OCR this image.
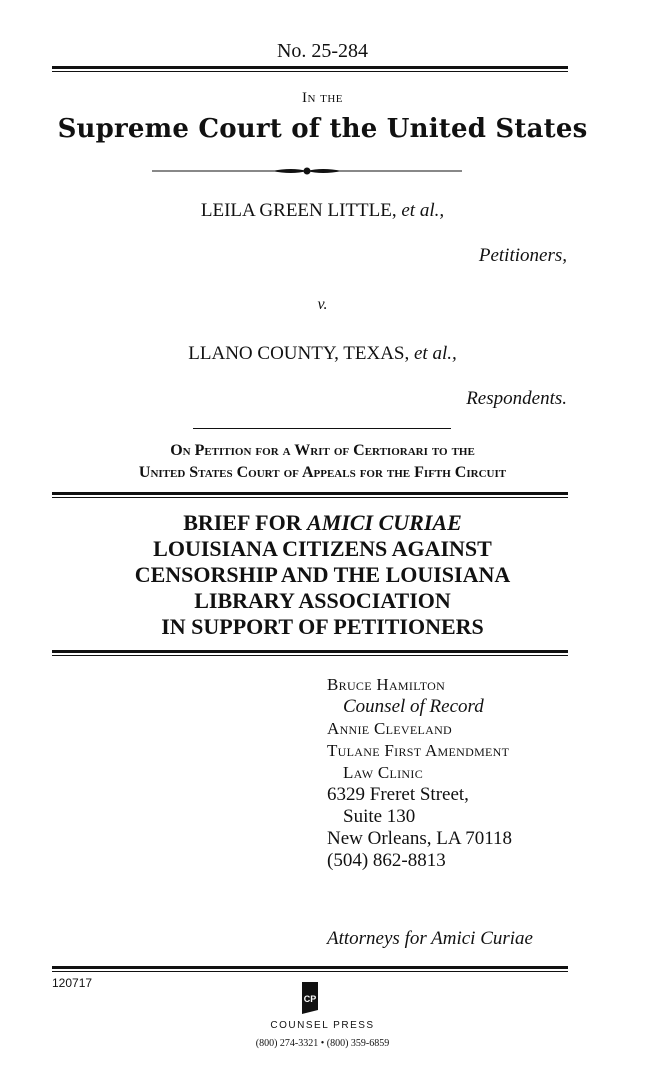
No. 25-284
In the
Supreme Court of the United States
LEILA GREEN LITTLE, et al.,
Petitioners,
v.
LLANO COUNTY, TEXAS, et al.,
Respondents.
On Petition for a Writ of Certiorari to the
United States Court of Appeals for the Fifth Circuit
BRIEF FOR AMICI CURIAE
LOUISIANA CITIZENS AGAINST
CENSORSHIP AND THE LOUISIANA
LIBRARY ASSOCIATION
IN SUPPORT OF PETITIONERS
Bruce Hamilton
Counsel of Record
Annie Cleveland
Tulane First Amendment
Law Clinic
6329 Freret Street,
Suite 130
New Orleans, LA 70118
(504) 862-8813
Attorneys for Amici Curiae
120717
CP
COUNSEL PRESS
(800) 274-3321 • (800) 359-6859
